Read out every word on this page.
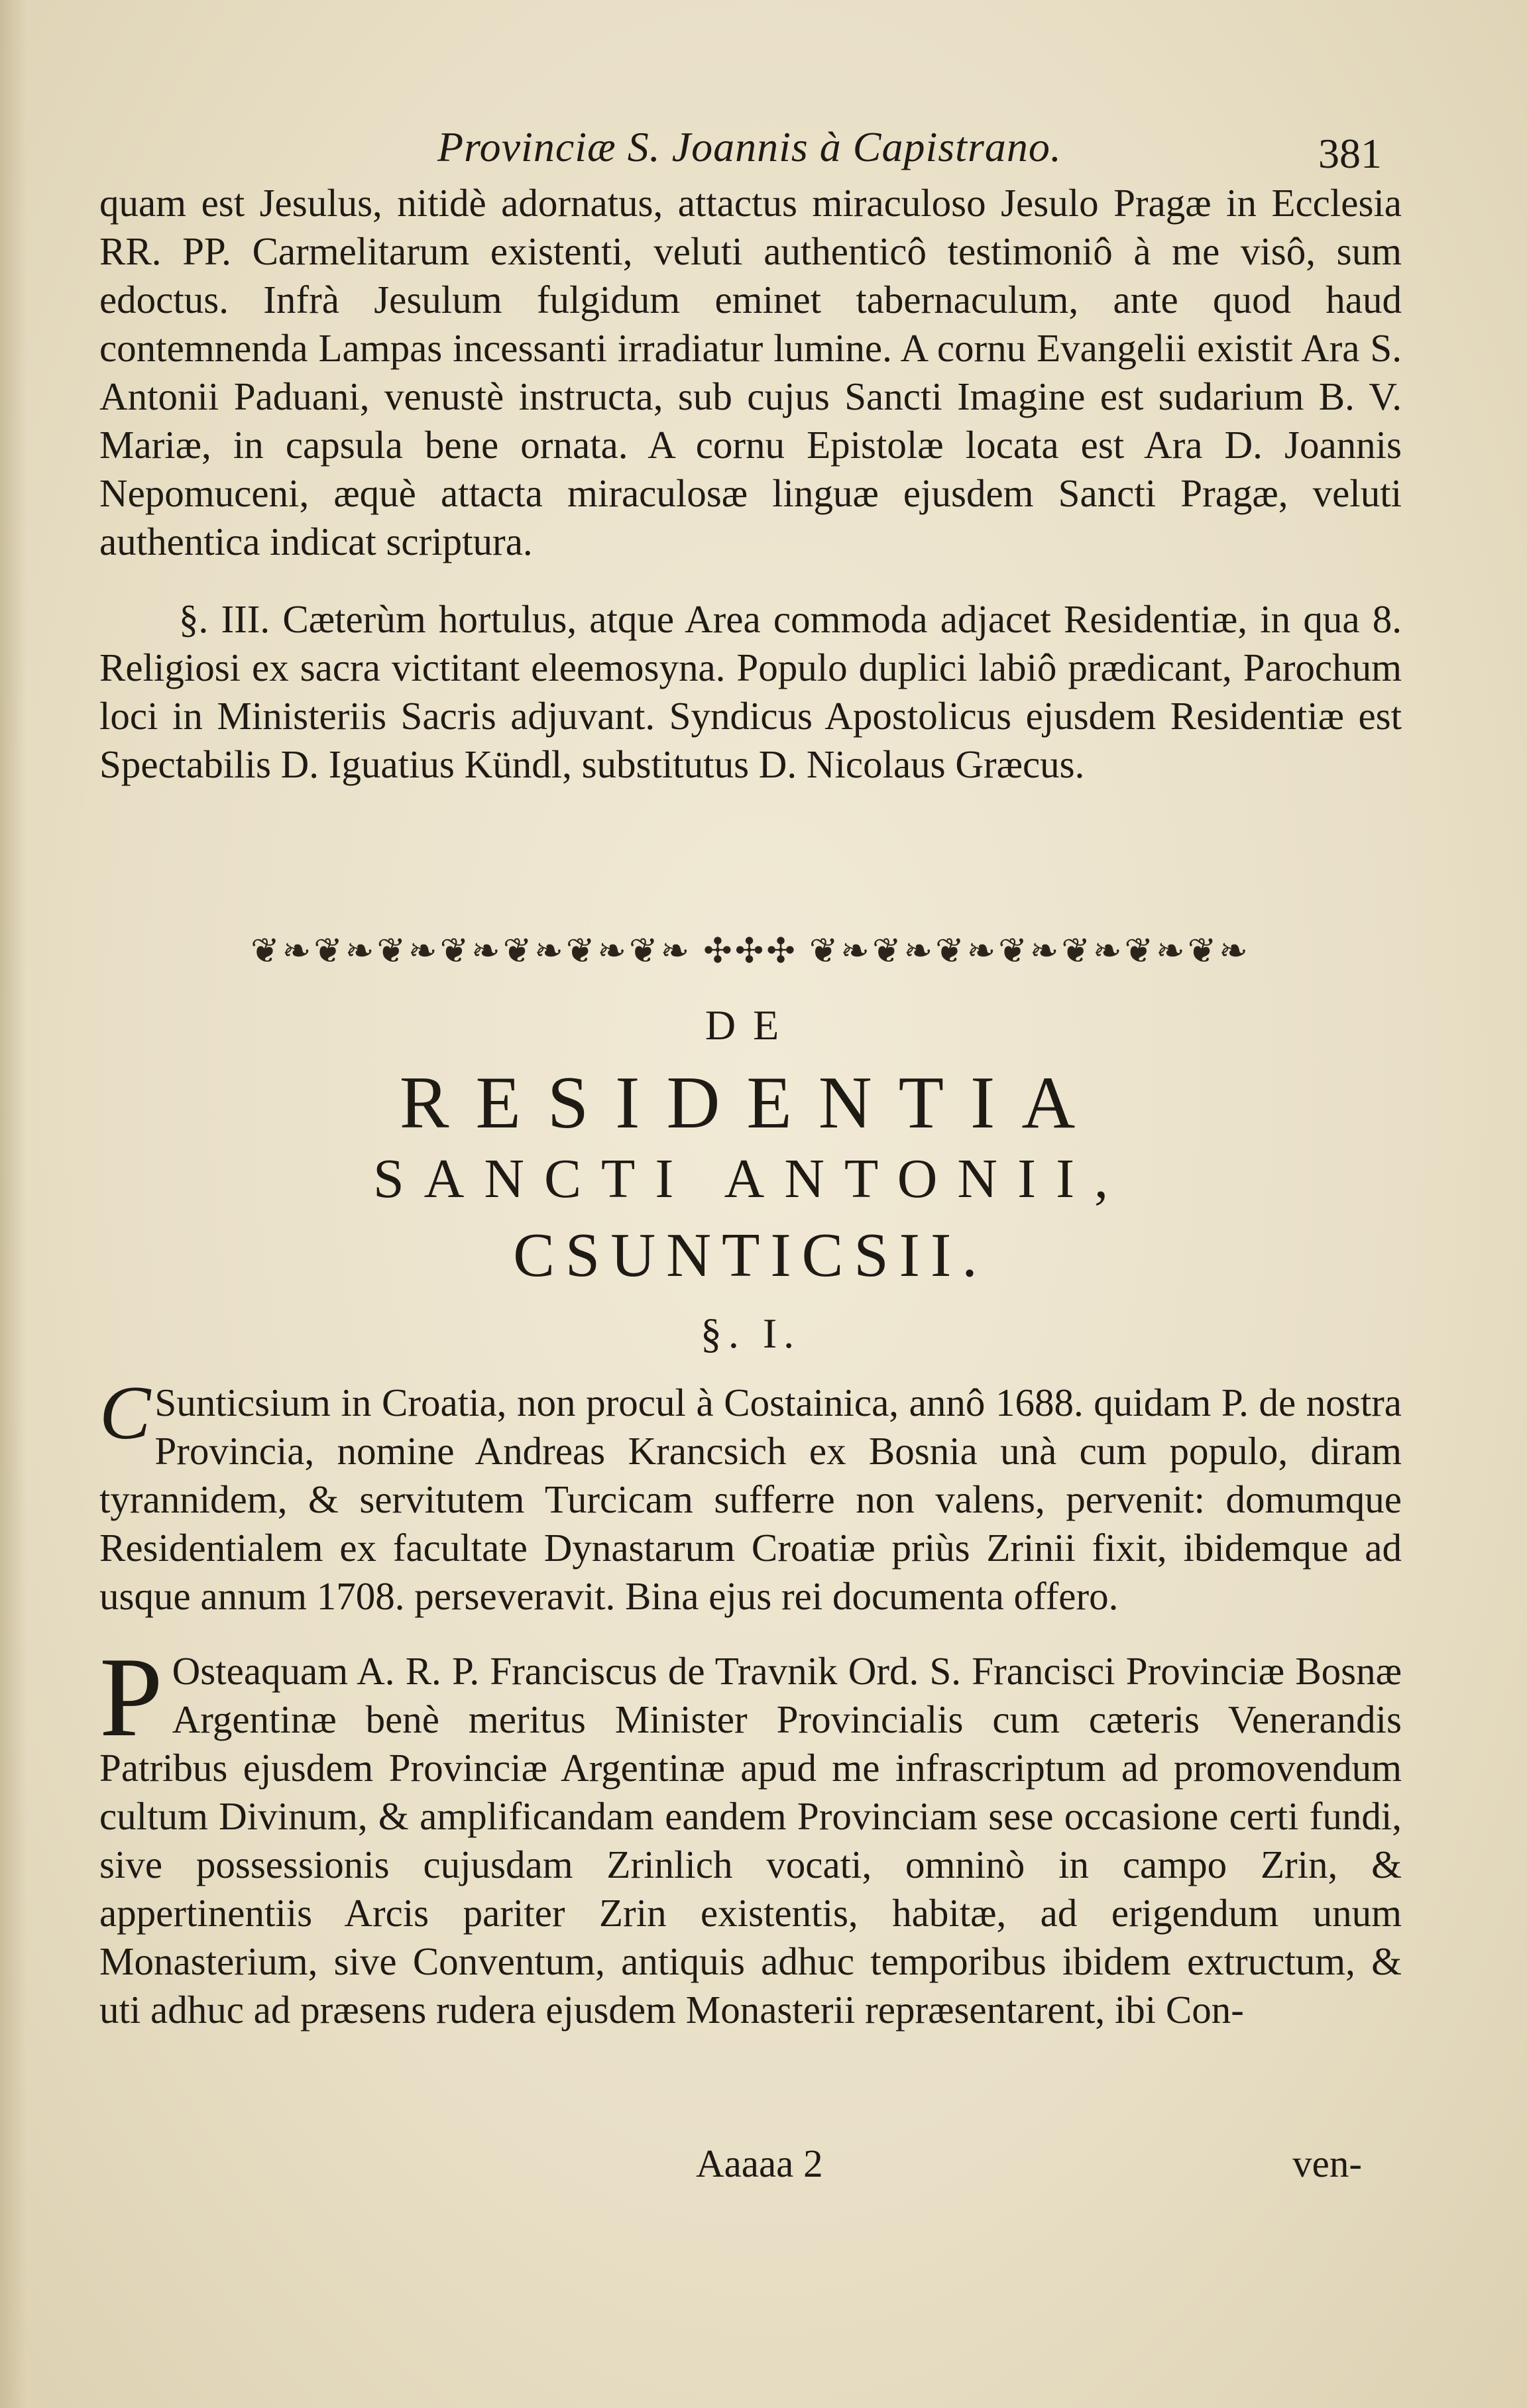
Provinciæ S. Joannis à Capistrano.	381

quam est Jesulus, nitidè adornatus, attactus miraculoso Jesulo Pragæ in Ecclesia RR. PP. Carmelitarum existenti, veluti authenticô testimoniô à me visô, sum edoctus. Infrà Jesulum fulgidum eminet tabernaculum, ante quod haud contemnenda Lampas incessanti irradiatur lumine. A cornu Evangelii existit Ara S. Antonii Paduani, venustè instructa, sub cujus Sancti Imagine est sudarium B. V. Mariæ, in capsula bene ornata. A cornu Epistolæ locata est Ara D. Joannis Nepomuceni, æquè attacta miraculosæ linguæ ejusdem Sancti Pragæ, veluti authentica indicat scriptura.

§. III. Cæterùm hortulus, atque Area commoda adjacet Residentiæ, in qua 8. Religiosi ex sacra victitant eleemosyna. Populo duplici labiô prædicant, Parochum loci in Ministeriis Sacris adjuvant. Syndicus Apostolicus ejusdem Residentiæ est Spectabilis D. Iguatius Kündl, substitutus D. Nicolaus Græcus.

❦❧❦❧❦❧❦❧❦❧❦❧❦❧ ✣✣✣ ❦❧❦❧❦❧❦❧❦❧❦❧❦❧
DE
RESIDENTIA
SANCTI ANTONII,
CSUNTICSII.
§. I.

C Sunticsium in Croatia, non procul à Costainica, annô 1688. quidam P. de nostra Provincia, nomine Andreas Krancsich ex Bosnia unà cum populo, diram tyrannidem, & servitutem Turcicam sufferre non valens, pervenit: domumque Residentialem ex facultate Dynastarum Croatiæ priùs Zrinii fixit, ibidemque ad usque annum 1708. perseveravit. Bina ejus rei documenta offero.

P Osteaquam A. R. P. Franciscus de Travnik Ord. S. Francisci Provinciæ Bosnæ Argentinæ benè meritus Minister Provincialis cum cæteris Venerandis Patribus ejusdem Provinciæ Argentinæ apud me infrascriptum ad promovendum cultum Divinum, & amplificandam eandem Provinciam sese occasione certi fundi, sive possessionis cujusdam Zrinlich vocati, omninò in campo Zrin, & appertinentiis Arcis pariter Zrin existentis, habitæ, ad erigendum unum Monasterium, sive Conventum, antiquis adhuc temporibus ibidem extructum, & uti adhuc ad præsens rudera ejusdem Monasterii repræsentarent, ibi Con-

Aaaaa 2	ven-
